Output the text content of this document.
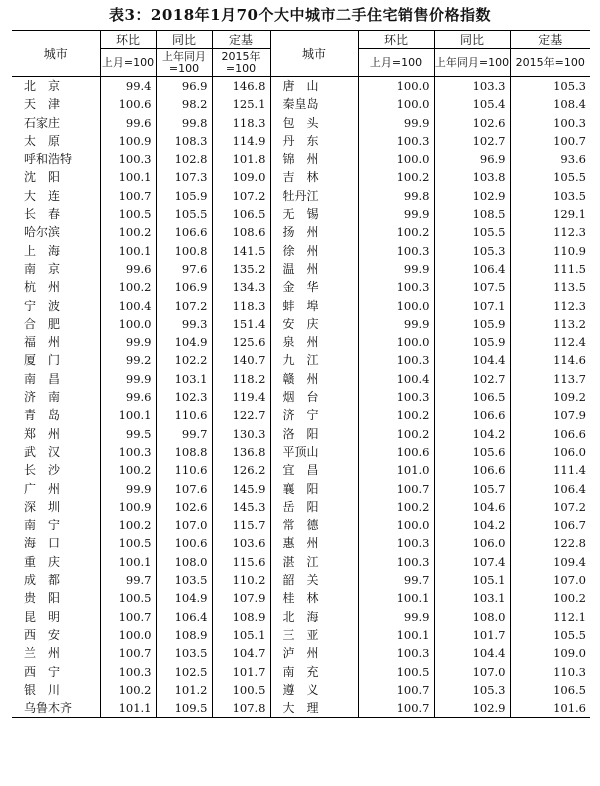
表3：2018年1月70个大中城市二手住宅销售价格指数
城市	环比	同比	定基	城市	环比	同比	定基
	上月=100	上年同月=100	2015年=100		上月=100	上年同月=100	2015年=100
北　京	99.4	96.9	146.8	唐　山	100.0	103.3	105.3
天　津	100.6	98.2	125.1	秦皇岛	100.0	105.4	108.4
石家庄	99.6	99.8	118.3	包　头	99.9	102.6	100.3
太　原	100.9	108.3	114.9	丹　东	100.3	102.7	100.7
呼和浩特	100.3	102.8	101.8	锦　州	100.0	96.9	93.6
沈　阳	100.1	107.3	109.0	吉　林	100.2	103.8	105.5
大　连	100.7	105.9	107.2	牡丹江	99.8	102.9	103.5
长　春	100.5	105.5	106.5	无　锡	99.9	108.5	129.1
哈尔滨	100.2	106.6	108.6	扬　州	100.2	105.5	112.3
上　海	100.1	100.8	141.5	徐　州	100.3	105.3	110.9
南　京	99.6	97.6	135.2	温　州	99.9	106.4	111.5
杭　州	100.2	106.9	134.3	金　华	100.3	107.5	113.5
宁　波	100.4	107.2	118.3	蚌　埠	100.0	107.1	112.3
合　肥	100.0	99.3	151.4	安　庆	99.9	105.9	113.2
福　州	99.9	104.9	125.6	泉　州	100.0	105.9	112.4
厦　门	99.2	102.2	140.7	九　江	100.3	104.4	114.6
南　昌	99.9	103.1	118.2	赣　州	100.4	102.7	113.7
济　南	99.6	102.3	119.4	烟　台	100.3	106.5	109.2
青　岛	100.1	110.6	122.7	济　宁	100.2	106.6	107.9
郑　州	99.5	99.7	130.3	洛　阳	100.2	104.2	106.6
武　汉	100.3	108.8	136.8	平顶山	100.6	105.6	106.0
长　沙	100.2	110.6	126.2	宜　昌	101.0	106.6	111.4
广　州	99.9	107.6	145.9	襄　阳	100.7	105.7	106.4
深　圳	100.9	102.6	145.3	岳　阳	100.2	104.6	107.2
南　宁	100.2	107.0	115.7	常　德	100.0	104.2	106.7
海　口	100.5	100.6	103.6	惠　州	100.3	106.0	122.8
重　庆	100.1	108.0	115.6	湛　江	100.3	107.4	109.4
成　都	99.7	103.5	110.2	韶　关	99.7	105.1	107.0
贵　阳	100.5	104.9	107.9	桂　林	100.1	103.1	100.2
昆　明	100.7	106.4	108.9	北　海	99.9	108.0	112.1
西　安	100.0	108.9	105.1	三　亚	100.1	101.7	105.5
兰　州	100.7	103.5	104.7	泸　州	100.3	104.4	109.0
西　宁	100.3	102.5	101.7	南　充	100.5	107.0	110.3
银　川	100.2	101.2	100.5	遵　义	100.7	105.3	106.5
乌鲁木齐	101.1	109.5	107.8	大　理	100.7	102.9	101.6
